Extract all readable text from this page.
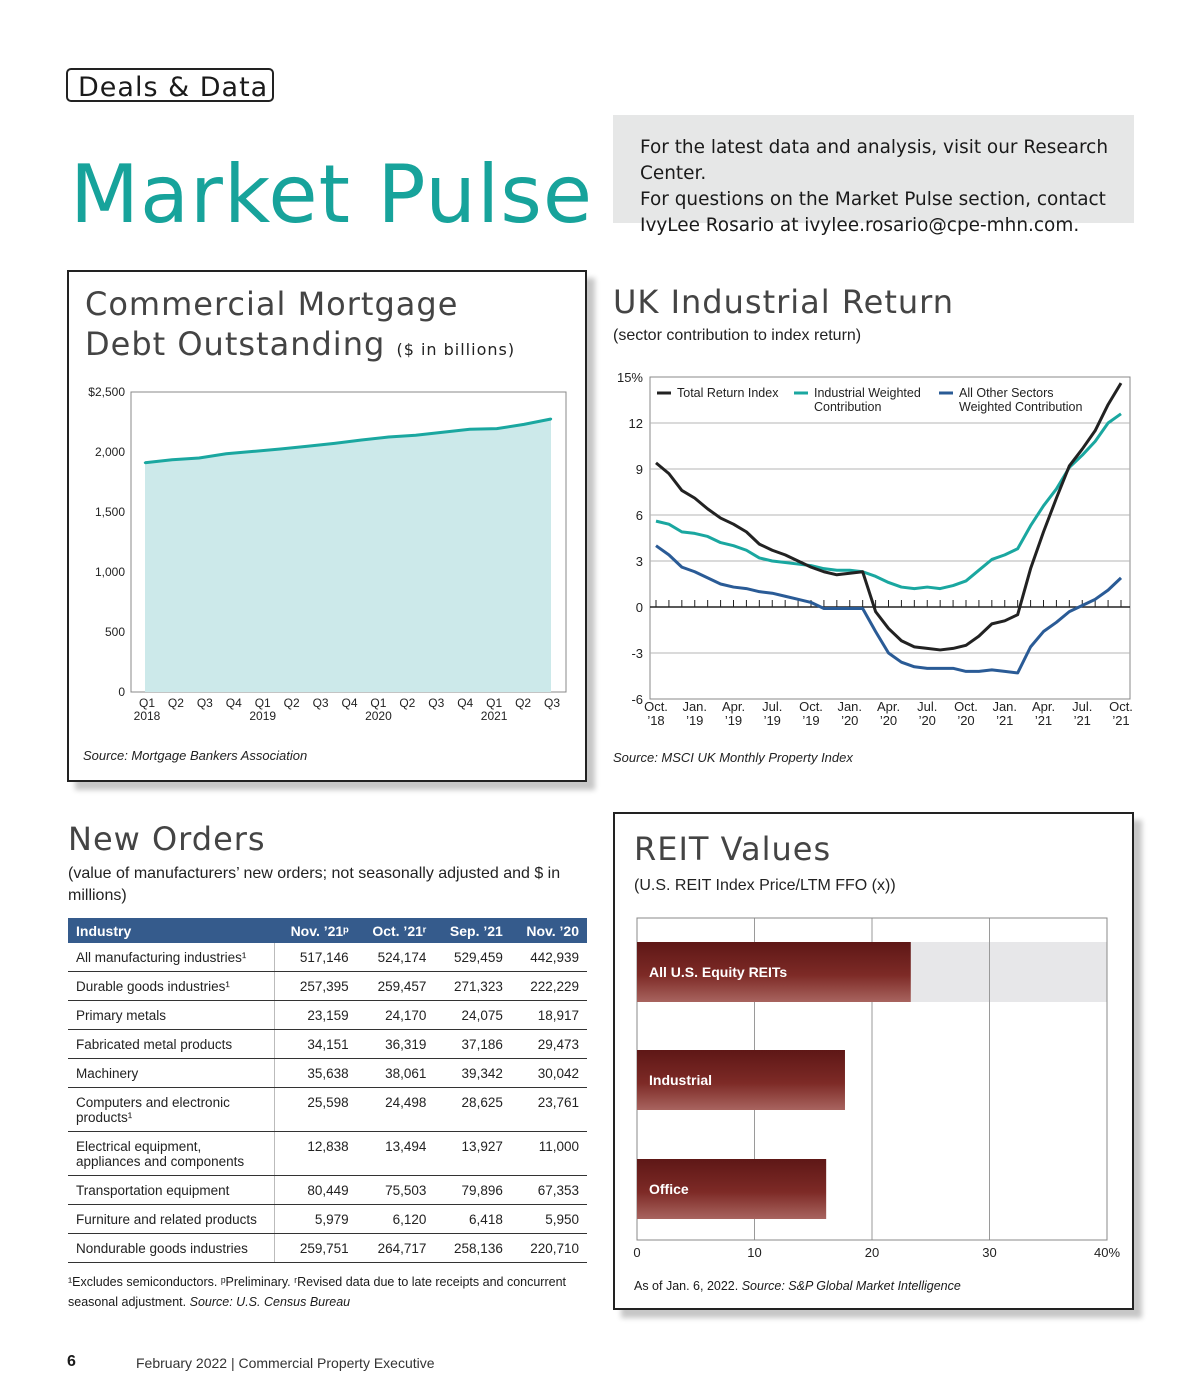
Deals & Data
Market Pulse
For the latest data and analysis, visit our Research Center.
For questions on the Market Pulse section, contact
IvyLee Rosario at ivylee.rosario@cpe-mhn.com.
Commercial Mortgage
Debt Outstanding ($ in billions)
0
500
1,000
1,500
2,000
$2,500
Q1 Q2 Q3 Q4 Q1 Q2 Q3 Q4 Q1 Q2 Q3 Q4 Q1 Q2 Q3
2018	2019	2020	2021
Source: Mortgage Bankers Association
UK Industrial Return
(sector contribution to index return)
-6
-3
0
3
6
9
12
15%
Oct. ’18
Jan. ’19
Apr. ’19
Jul. ’19
Oct. ’19
Jan. ’20
Apr. ’20
Jul. ’20
Oct. ’20
Jan. ’21
Apr. ’21
Jul. ’21
Oct. ’21
Total Return Index	Industrial Weighted Contribution
All Other Sectors Weighted Contribution
Source: MSCI UK Monthly Property Index
New Orders
(value of manufacturers’ new orders; not seasonally adjusted and $ in millions)
Industry	Nov. ’21ᵖ	Oct. ’21ʳ	Sep. ’21	Nov. ’20
All manufacturing industries¹	517,146	524,174	529,459	442,939
Durable goods industries¹	257,395	259,457	271,323	222,229
Primary metals	23,159	24,170	24,075	18,917
Fabricated metal products	34,151	36,319	37,186	29,473
Machinery	35,638	38,061	39,342	30,042
Computers and electronic products¹	25,598	24,498	28,625	23,761
Electrical equipment, appliances and components	12,838	13,494	13,927	11,000
Transportation equipment	80,449	75,503	79,896	67,353
Furniture and related products	5,979	6,120	6,418	5,950
Nondurable goods industries	259,751	264,717	258,136	220,710
¹Excludes semiconductors. ᵖPreliminary. ʳRevised data due to late receipts and concurrent seasonal adjustment. Source: U.S. Census Bureau
REIT Values
(U.S. REIT Index Price/LTM FFO (x))
All U.S. Equity REITs
Industrial
Office
0	10	20	30	40%
As of Jan. 6, 2022. Source: S&P Global Market Intelligence
6	February 2022 | Commercial Property Executive
